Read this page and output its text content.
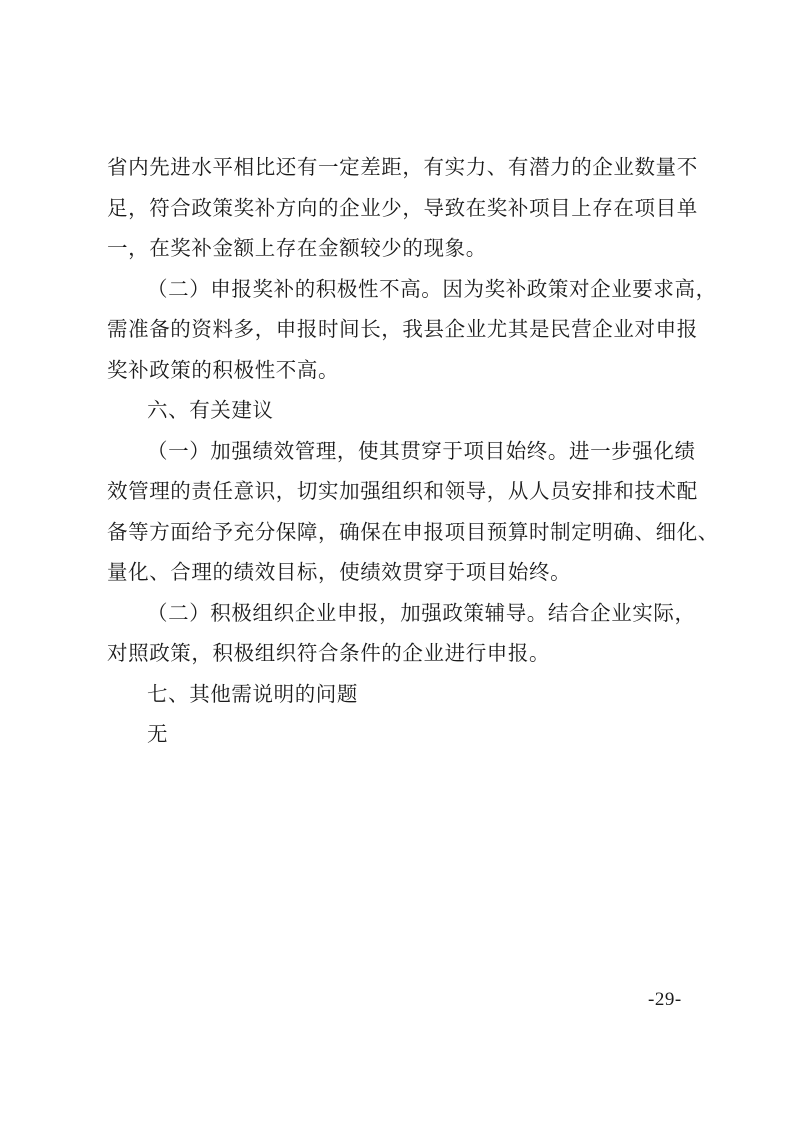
省内先进水平相比还有一定差距，有实力、有潜力的企业数量不
足，符合政策奖补方向的企业少，导致在奖补项目上存在项目单
一，在奖补金额上存在金额较少的现象。
（二）申报奖补的积极性不高。因为奖补政策对企业要求高，
需准备的资料多，申报时间长，我县企业尤其是民营企业对申报
奖补政策的积极性不高。
六、有关建议
（一）加强绩效管理，使其贯穿于项目始终。进一步强化绩
效管理的责任意识，切实加强组织和领导，从人员安排和技术配
备等方面给予充分保障，确保在申报项目预算时制定明确、细化、
量化、合理的绩效目标，使绩效贯穿于项目始终。
（二）积极组织企业申报，加强政策辅导。结合企业实际，
对照政策，积极组织符合条件的企业进行申报。
七、其他需说明的问题
无
-29-
